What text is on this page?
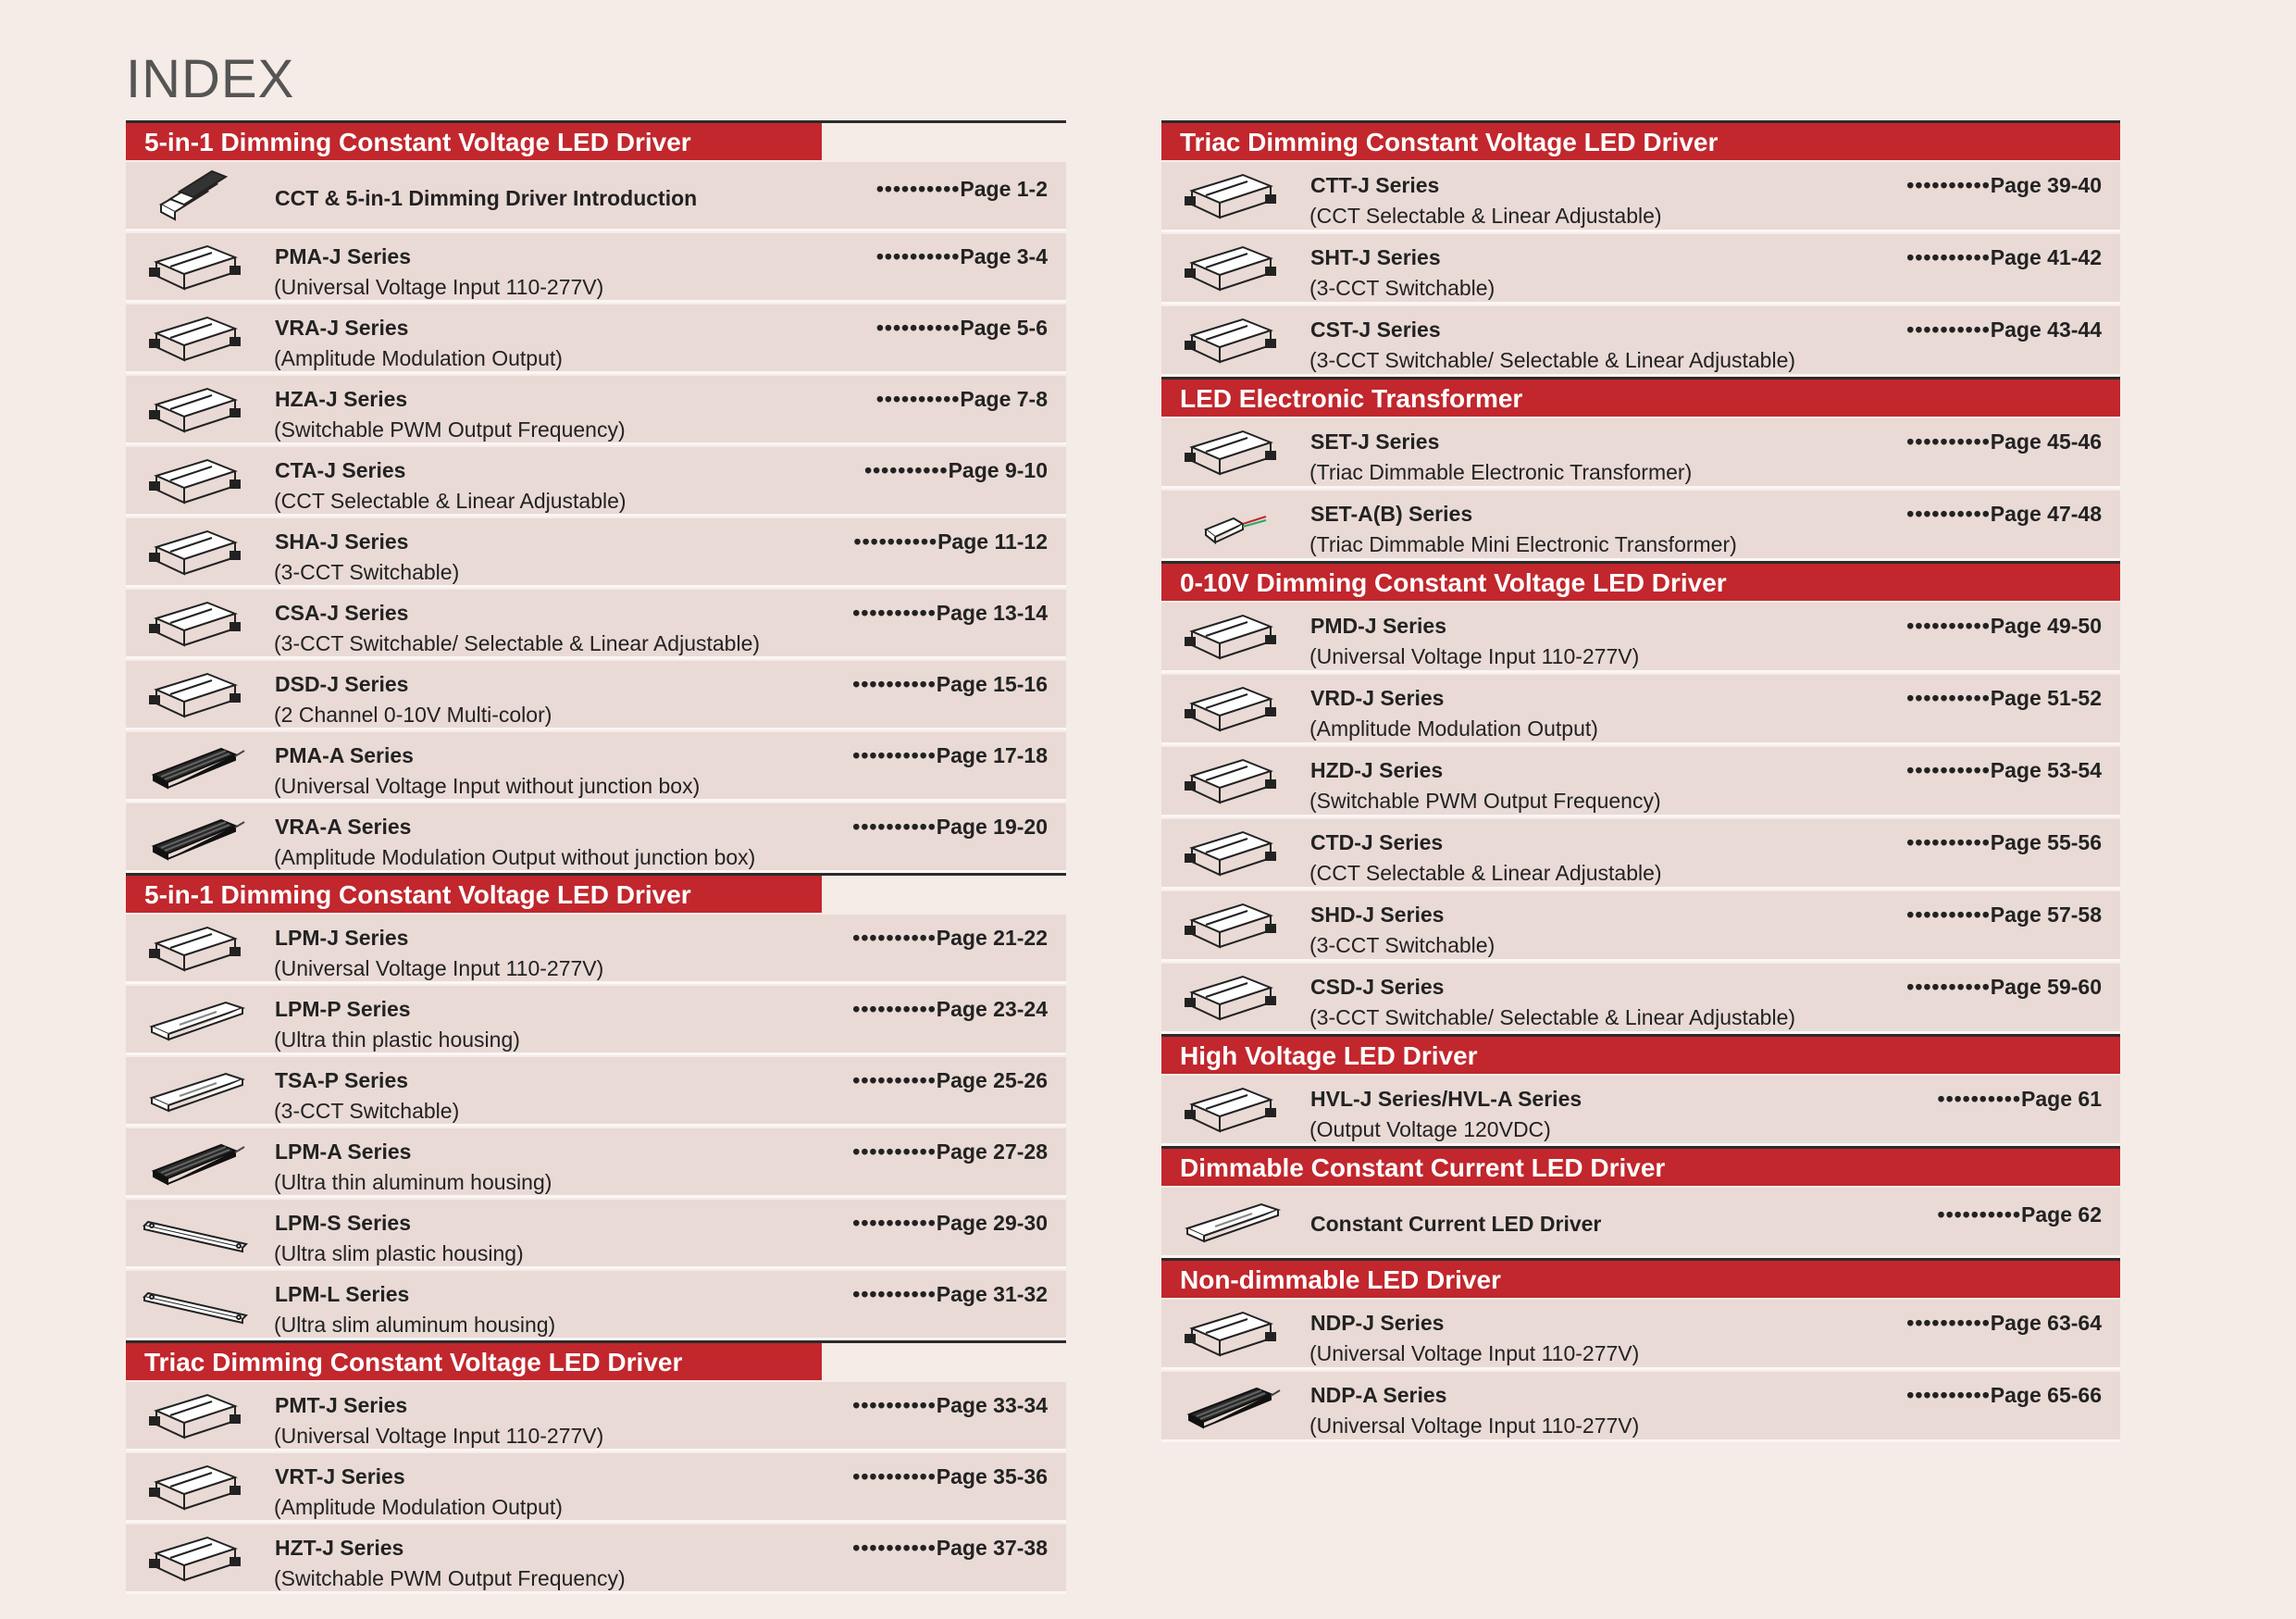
INDEX
5-in-1 Dimming Constant Voltage LED Driver
CCT & 5-in-1 Dimming Driver Introduction	••••••••••Page 1-2
PMA-J Series
(Universal Voltage Input 110-277V)
••••••••••Page 3-4
VRA-J Series
(Amplitude Modulation Output)
••••••••••Page 5-6
HZA-J Series
(Switchable PWM Output Frequency)
••••••••••Page 7-8
CTA-J Series
(CCT Selectable & Linear Adjustable)
••••••••••Page 9-10
SHA-J Series
(3-CCT Switchable)
••••••••••Page 11-12
CSA-J Series
(3-CCT Switchable/ Selectable & Linear Adjustable)
••••••••••Page 13-14
DSD-J Series
(2 Channel 0-10V Multi-color)
••••••••••Page 15-16
PMA-A Series
(Universal Voltage Input without junction box)
••••••••••Page 17-18
VRA-A Series
(Amplitude Modulation Output without junction box)
••••••••••Page 19-20
5-in-1 Dimming Constant Voltage LED Driver
LPM-J Series
(Universal Voltage Input 110-277V)
••••••••••Page 21-22
LPM-P Series
(Ultra thin plastic housing)
••••••••••Page 23-24
TSA-P Series
(3-CCT Switchable)
••••••••••Page 25-26
LPM-A Series
(Ultra thin aluminum housing)
••••••••••Page 27-28
LPM-S Series
(Ultra slim plastic housing)
••••••••••Page 29-30
LPM-L Series
(Ultra slim aluminum housing)
••••••••••Page 31-32
Triac Dimming Constant Voltage LED Driver
PMT-J Series
(Universal Voltage Input 110-277V)
••••••••••Page 33-34
VRT-J Series
(Amplitude Modulation Output)
••••••••••Page 35-36
HZT-J Series
(Switchable PWM Output Frequency)
••••••••••Page 37-38
Triac Dimming Constant Voltage LED Driver
CTT-J Series
(CCT Selectable & Linear Adjustable)
••••••••••Page 39-40
SHT-J Series
(3-CCT Switchable)
••••••••••Page 41-42
CST-J Series
(3-CCT Switchable/ Selectable & Linear Adjustable)
••••••••••Page 43-44
LED Electronic Transformer
SET-J Series
(Triac Dimmable Electronic Transformer)
••••••••••Page 45-46
SET-A(B) Series
(Triac Dimmable Mini Electronic Transformer)
••••••••••Page 47-48
0-10V Dimming Constant Voltage LED Driver
PMD-J Series
(Universal Voltage Input 110-277V)
••••••••••Page 49-50
VRD-J Series
(Amplitude Modulation Output)
••••••••••Page 51-52
HZD-J Series
(Switchable PWM Output Frequency)
••••••••••Page 53-54
CTD-J Series
(CCT Selectable & Linear Adjustable)
••••••••••Page 55-56
SHD-J Series
(3-CCT Switchable)
••••••••••Page 57-58
CSD-J Series
(3-CCT Switchable/ Selectable & Linear Adjustable)
••••••••••Page 59-60
High Voltage LED Driver
HVL-J Series/HVL-A Series
(Output Voltage 120VDC)
••••••••••Page 61
Dimmable Constant Current LED Driver
Constant Current LED Driver	••••••••••Page 62
Non-dimmable LED Driver
NDP-J Series
(Universal Voltage Input 110-277V)
••••••••••Page 63-64
NDP-A Series
(Universal Voltage Input 110-277V)
••••••••••Page 65-66
